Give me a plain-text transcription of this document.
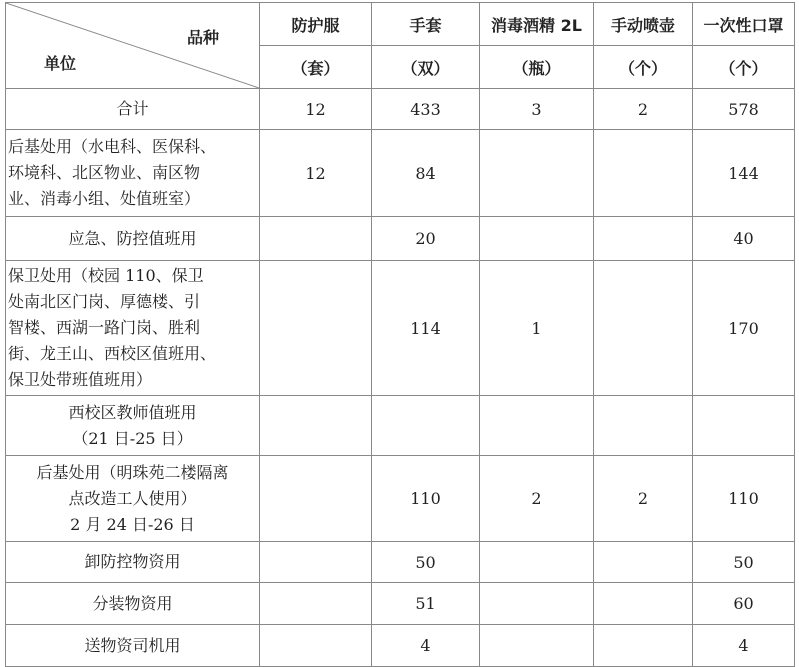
品种
单位	防护服	手套	消毒酒精 2L	手动喷壶	一次性口罩
	（套）	（双）	（瓶）	（个）	（个）

合计	12	433	3	2	578

后基处用（水电科、医保科、
环境科、北区物业、南区物
业、消毒小组、处值班室）	12	84			144

应急、防控值班用		20			40

保卫处用（校园 110、保卫
处南北区门岗、厚德楼、引
智楼、西湖一路门岗、胜利
街、龙王山、西校区值班用、
保卫处带班值班用）		114	1		170

西校区教师值班用
（21 日-25 日）					

后基处用（明珠苑二楼隔离
点改造工人使用）
2 月 24 日-26 日		110	2	2	110

卸防控物资用		50			50

分装物资用		51			60

送物资司机用		4			4
